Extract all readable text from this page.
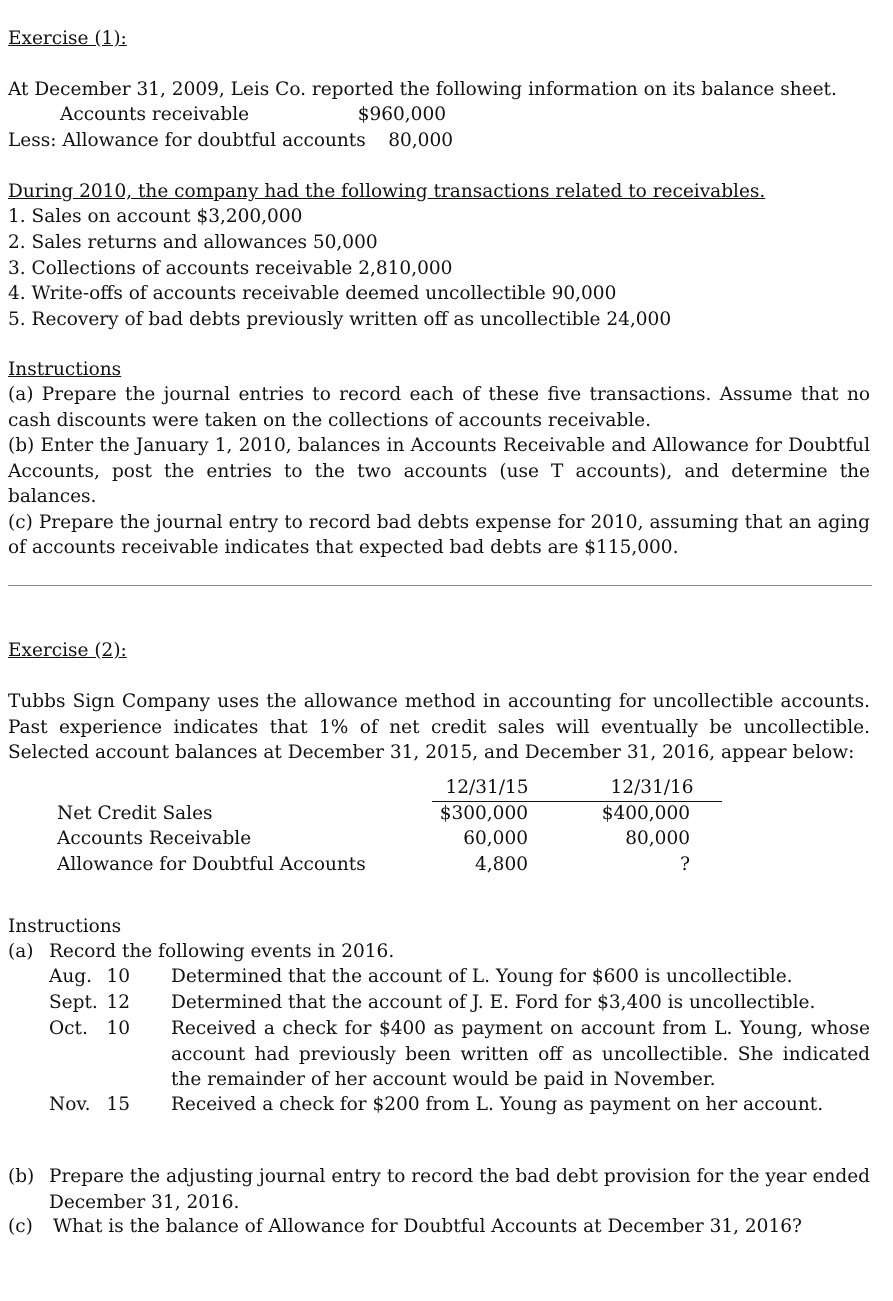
Exercise (1):
At December 31, 2009, Leis Co. reported the following information on its balance sheet.
Accounts receivable	$960,000
Less: Allowance for doubtful accounts	80,000
During 2010, the company had the following transactions related to receivables.
1. Sales on account $3,200,000
2. Sales returns and allowances 50,000
3. Collections of accounts receivable 2,810,000
4. Write-offs of accounts receivable deemed uncollectible 90,000
5. Recovery of bad debts previously written off as uncollectible 24,000
Instructions

(a) Prepare the journal entries to record each of these five transactions. Assume that no cash discounts were taken on the collections of accounts receivable.

(b) Enter the January 1, 2010, balances in Accounts Receivable and Allowance for Doubtful Accounts, post the entries to the two accounts (use T accounts), and determine the balances.

(c) Prepare the journal entry to record bad debts expense for 2010, assuming that an aging of accounts receivable indicates that expected bad debts are $115,000.

Exercise (2):
Tubbs Sign Company uses the allowance method in accounting for uncollectible accounts. Past experience indicates that 1% of net credit sales will eventually be uncollectible. Selected account balances at December 31, 2015, and December 31, 2016, appear below:
12/31/15	12/31/16
Net Credit Sales	$300,000	$400,000
Accounts Receivable	60,000	80,000
Allowance for Doubtful Accounts	4,800	?
Instructions
(a) Record the following events in 2016.
Aug. 10 Determined that the account of L. Young for $600 is uncollectible.
Sept. 12 Determined that the account of J. E. Ford for $3,400 is uncollectible.
Oct.	10 Received a check for $400 as payment on account from L. Young, whose account had previously been written off as uncollectible. She indicated the remainder of her account would be paid in November.
Nov. 15 Received a check for $200 from L. Young as payment on her account.
(b) Prepare the adjusting journal entry to record the bad debt provision for the year ended December 31, 2016.
(c) What is the balance of Allowance for Doubtful Accounts at December 31, 2016?
